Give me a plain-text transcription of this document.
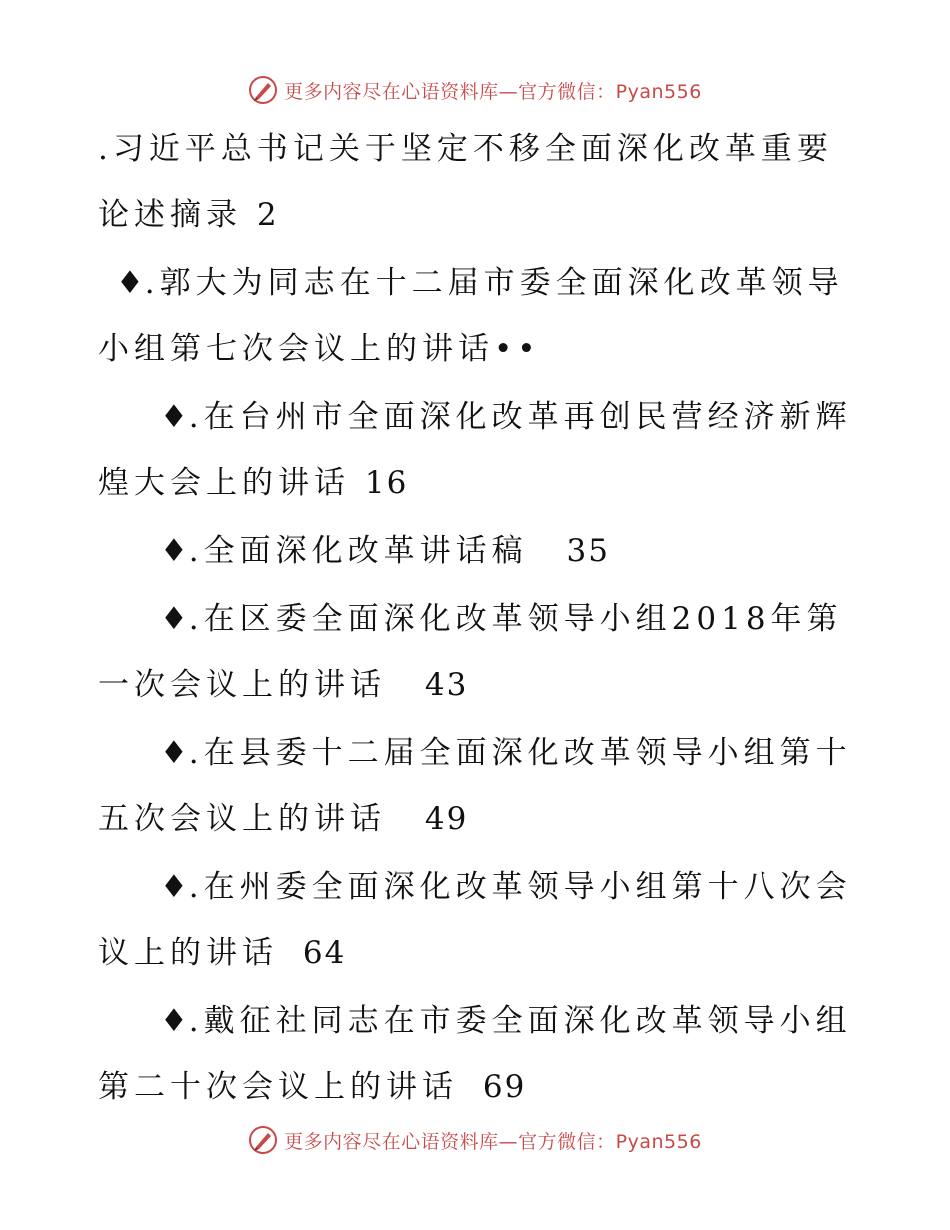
更多内容尽在心语资料库—官方微信：Pyan556
.习近平总书记关于坚定不移全面深化改革重要论述摘录 2
♦.郭大为同志在十二届市委全面深化改革领导小组第七次会议上的讲话••
♦.在台州市全面深化改革再创民营经济新辉煌大会上的讲话 16
♦.全面深化改革讲话稿 35
♦.在区委全面深化改革领导小组2018年第一次会议上的讲话 43
♦.在县委十二届全面深化改革领导小组第十五次会议上的讲话 49
♦.在州委全面深化改革领导小组第十八次会议上的讲话 64
♦.戴征社同志在市委全面深化改革领导小组第二十次会议上的讲话 69
更多内容尽在心语资料库—官方微信：Pyan556
